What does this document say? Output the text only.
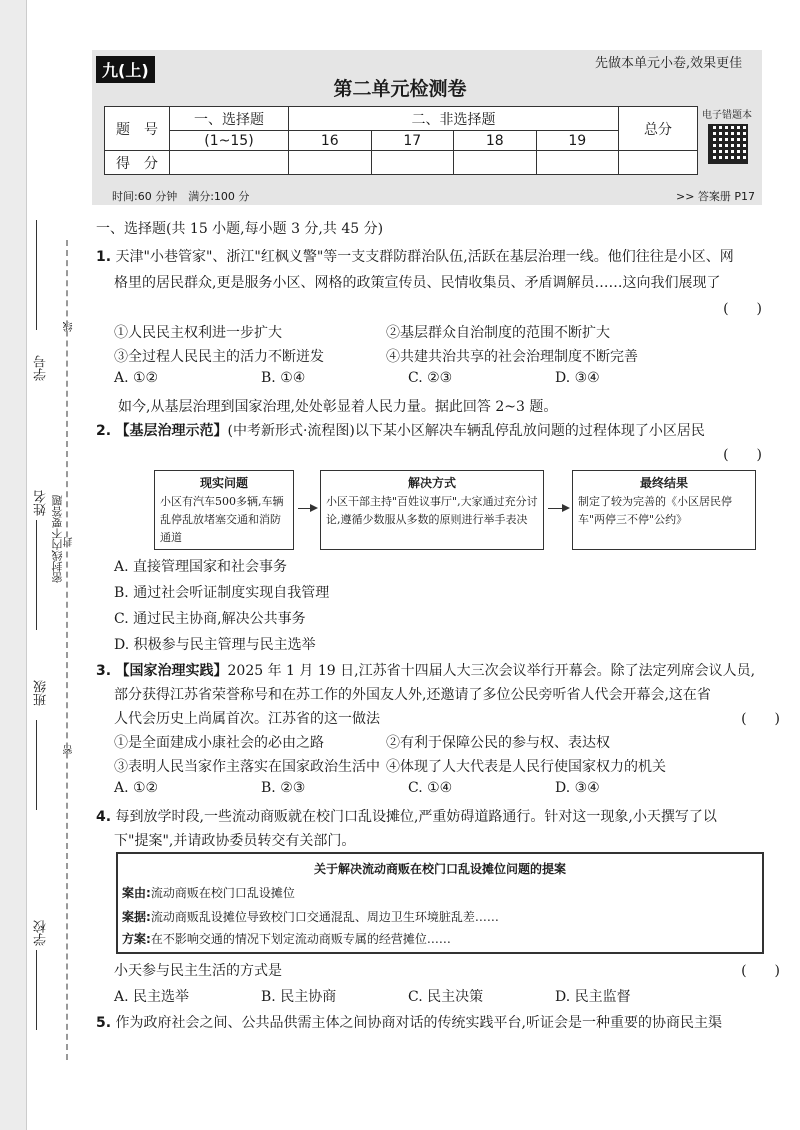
学校
班级
姓名
学号
密封线内不要答题
密
封
线
九(上)	先做本单元小卷,效果更佳
第二单元检测卷
电子错题本
题　号	一、选择题	二、非选择题				总分
	(1~15)	16	17	18	19	
得　分						
时间:60 分钟　满分:100 分	>> 答案册 P17
一、选择题(共 15 小题,每小题 3 分,共 45 分)
1. 天津"小巷管家"、浙江"红枫义警"等一支支群防群治队伍,活跃在基层治理一线。他们往往是小区、网
格里的居民群众,更是服务小区、网格的政策宣传员、民情收集员、矛盾调解员……这向我们展现了
(　　)
①人民民主权利进一步扩大	②基层群众自治制度的范围不断扩大
③全过程人民民主的活力不断迸发	④共建共治共享的社会治理制度不断完善
A. ①②	B. ①④	C. ②③	D. ③④
如今,从基层治理到国家治理,处处彰显着人民力量。据此回答 2~3 题。
2. 【基层治理示范】(中考新形式·流程图)以下某小区解决车辆乱停乱放问题的过程体现了小区居民
(　　)
现实问题
小区有汽车500多辆,车辆乱停乱放堵塞交通和消防通道
解决方式
小区干部主持"百姓议事厅",大家通过充分讨论,遵循少数服从多数的原则进行举手表决
最终结果
制定了较为完善的《小区居民停车"两停三不停"公约》
A. 直接管理国家和社会事务
B. 通过社会听证制度实现自我管理
C. 通过民主协商,解决公共事务
D. 积极参与民主管理与民主选举
3. 【国家治理实践】2025 年 1 月 19 日,江苏省十四届人大三次会议举行开幕会。除了法定列席会议人员,
部分获得江苏省荣誉称号和在苏工作的外国友人外,还邀请了多位公民旁听省人代会开幕会,这在省
人代会历史上尚属首次。江苏省的这一做法	(　　)
①是全面建成小康社会的必由之路	②有利于保障公民的参与权、表达权
③表明人民当家作主落实在国家政治生活中 ④体现了人大代表是人民行使国家权力的机关
A. ①②	B. ②③	C. ①④	D. ③④
4. 每到放学时段,一些流动商贩就在校门口乱设摊位,严重妨碍道路通行。针对这一现象,小天撰写了以
下"提案",并请政协委员转交有关部门。
关于解决流动商贩在校门口乱设摊位问题的提案
案由:流动商贩在校门口乱设摊位
案据:流动商贩乱设摊位导致校门口交通混乱、周边卫生环境脏乱差……
方案:在不影响交通的情况下划定流动商贩专属的经营摊位……
小天参与民主生活的方式是	(　　)
A. 民主选举	B. 民主协商	C. 民主决策	D. 民主监督
5. 作为政府社会之间、公共品供需主体之间协商对话的传统实践平台,听证会是一种重要的协商民主渠
